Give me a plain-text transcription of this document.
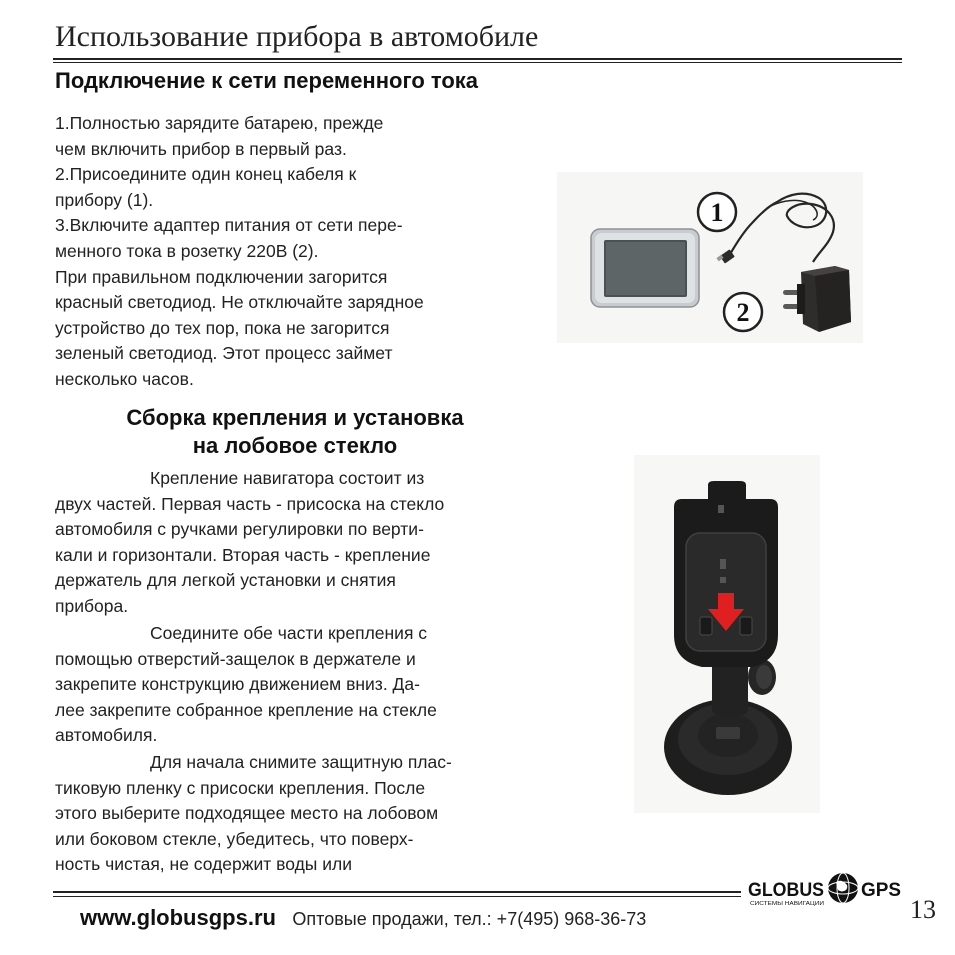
Использование прибора в автомобиле
Подключение к сети переменного тока
1.Полностью зарядите батарею, прежде
чем включить прибор в первый раз.
2.Присоедините один конец кабеля к
прибору (1).
3.Включите адаптер питания от сети пере-
менного тока в розетку 220В (2).
При правильном подключении загорится
красный светодиод. Не отключайте зарядное
устройство до тех пор, пока не загорится
зеленый светодиод. Этот процесс займет
несколько часов.
Сборка крепления и установка
на лобовое стекло
Крепление навигатора состоит из
двух частей. Первая часть - присоска на стекло
автомобиля с ручками регулировки по верти-
кали и горизонтали. Вторая часть - крепление
держатель для легкой установки и снятия
прибора.
Соедините обе части крепления с
помощью отверстий-защелок в держателе и
закрепите конструкцию движением вниз. Да-
лее закрепите собранное крепление на стекле
автомобиля.
Для начала снимите защитную плас-
тиковую пленку с присоски крепления. После
этого выберите подходящее место на лобовом
или боковом стекле, убедитесь, что поверх-
ность чистая, не содержит воды или
1
2
GLOBUS GPS
СИСТЕМЫ НАВИГАЦИИ	13
www.globusgps.ru Оптовые продажи, тел.: +7(495) 968-36-73
